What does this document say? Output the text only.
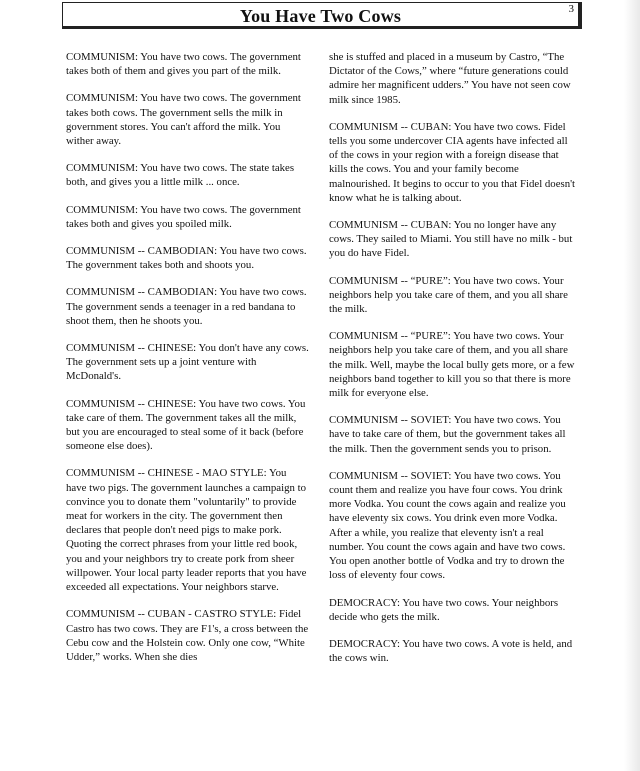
You Have Two Cows	3

COMMUNISM: You have two cows. The government takes both of them and gives you part of the milk.

COMMUNISM: You have two cows. The government takes both cows. The government sells the milk in government stores. You can't afford the milk. You wither away.

COMMUNISM: You have two cows. The state takes both, and gives you a little milk ... once.

COMMUNISM: You have two cows. The government takes both and gives you spoiled milk.

COMMUNISM -- CAMBODIAN: You have two cows. The government takes both and shoots you.

COMMUNISM -- CAMBODIAN: You have two cows. The government sends a teenager in a red bandana to shoot them, then he shoots you.

COMMUNISM -- CHINESE: You don't have any cows. The government sets up a joint venture with McDonald's.

COMMUNISM -- CHINESE: You have two cows. You take care of them. The government takes all the milk, but you are encouraged to steal some of it back (before someone else does).

COMMUNISM -- CHINESE - MAO STYLE: You have two pigs. The government launches a campaign to convince you to donate them "voluntarily" to provide meat for workers in the city. The government then declares that people don't need pigs to make pork. Quoting the correct phrases from your little red book, you and your neighbors try to create pork from sheer willpower. Your local party leader reports that you have exceeded all expectations. Your neighbors starve.

COMMUNISM -- CUBAN - CASTRO STYLE: Fidel Castro has two cows. They are F1's, a cross between the Cebu cow and the Holstein cow. Only one cow, “White Udder,” works. When she dies

she is stuffed and placed in a museum by Castro, “The Dictator of the Cows,” where “future generations could admire her magnificent udders.” You have not seen cow milk since 1985.

COMMUNISM -- CUBAN: You have two cows. Fidel tells you some undercover CIA agents have infected all of the cows in your region with a foreign disease that kills the cows. You and your family become malnourished. It begins to occur to you that Fidel doesn't know what he is talking about.

COMMUNISM -- CUBAN: You no longer have any cows. They sailed to Miami. You still have no milk - but you do have Fidel.

COMMUNISM -- “PURE”: You have two cows. Your neighbors help you take care of them, and you all share the milk.

COMMUNISM -- “PURE”: You have two cows. Your neighbors help you take care of them, and you all share the milk. Well, maybe the local bully gets more, or a few neighbors band together to kill you so that there is more milk for everyone else.

COMMUNISM -- SOVIET: You have two cows. You have to take care of them, but the government takes all the milk. Then the government sends you to prison.

COMMUNISM -- SOVIET: You have two cows. You count them and realize you have four cows. You drink more Vodka. You count the cows again and realize you have eleventy six cows. You drink even more Vodka. After a while, you realize that eleventy isn't a real number. You count the cows again and have two cows. You open another bottle of Vodka and try to drown the loss of eleventy four cows.

DEMOCRACY: You have two cows. Your neighbors decide who gets the milk.

DEMOCRACY: You have two cows. A vote is held, and the cows win.
